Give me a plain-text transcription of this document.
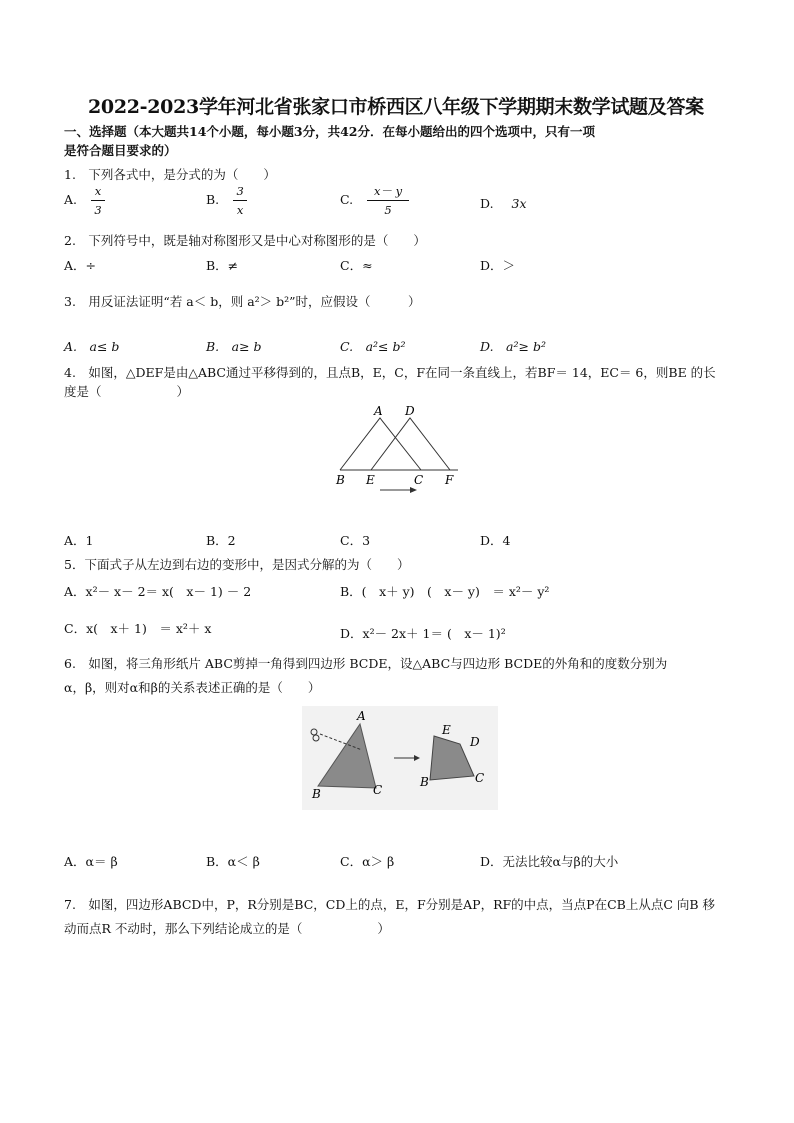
2022-2023学年河北省张家口市桥西区八年级下学期期末数学试题及答案
一、选择题（本大题共14个小题，每小题3分，共42分．在每小题给出的四个选项中，只有一项
是符合题目要求的）
1.　下列各式中，是分式的为（　　）
A. $\frac{x}{3}$	B. $\frac{3}{x}$	C. $\frac{x- y}{5}$	D. 3x
2.　下列符号中，既是轴对称图形又是中心对称图形的是（　　）
A．÷	B．≠	C．≈	D．＞
3.　用反证法证明“若 a＜ b，则 a²＞ b²”时，应假设（　　　）
A.　a≤ b	B.　a≥ b	C.　a²≤ b²	D.　a²≥ b²
4.　如图，△DEF是由△ABC通过平移得到的，且点B，E，C，F在同一条直线上，若BF＝ 14，EC＝ 6，则BE 的长
度是（　　　　　　）
A D
B E	C F
A．1	B．2	C．3	D．4
5．下面式子从左边到右边的变形中，是因式分解的为（　　）
A．x²－ x－ 2＝ x(　x－ 1) － 2	B．(　x＋ y)　(　x－ y)　＝ x²－ y²
C．x(　x＋ 1)　＝ x²＋ x	D．x²－ 2x＋ 1＝ (　x－ 1)²
6.　如图，将三角形纸片 ABC剪掉一角得到四边形 BCDE，设△ABC与四边形 BCDE的外角和的度数分别为
α，β，则对α和β的关系表述正确的是（　　）
A
B	C
E
D
B	C
A．α＝ β	B．α＜ β	C．α＞ β	D．无法比较α与β的大小
7.　如图，四边形ABCD中，P，R分别是BC，CD上的点，E，F分别是AP，RF的中点，当点P在CB上从点C 向B 移
动而点R 不动时，那么下列结论成立的是（　　　　　　）
